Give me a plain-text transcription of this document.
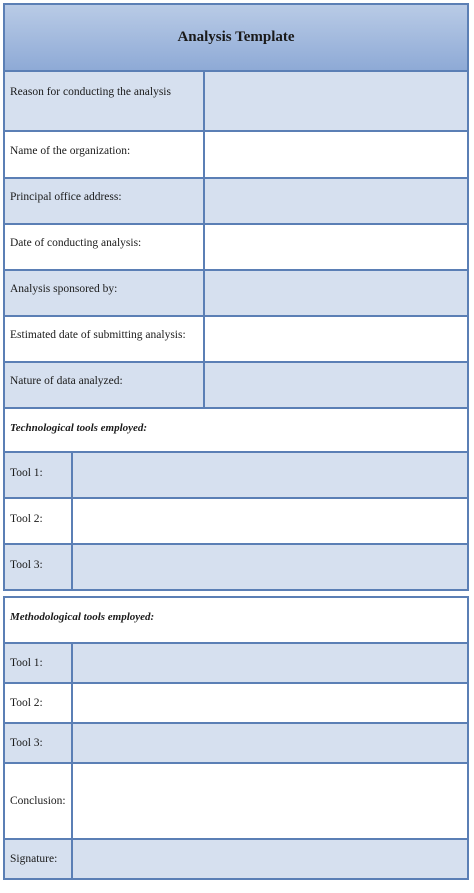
Analysis Template
Reason for conducting the analysis
Name of the organization:
Principal office address:
Date of conducting analysis:
Analysis sponsored by:
Estimated date of submitting analysis:
Nature of data analyzed:
Technological tools employed:
Tool 1:
Tool 2:
Tool 3:
Methodological tools employed:
Tool 1:
Tool 2:
Tool 3:
Conclusion:
Signature:
